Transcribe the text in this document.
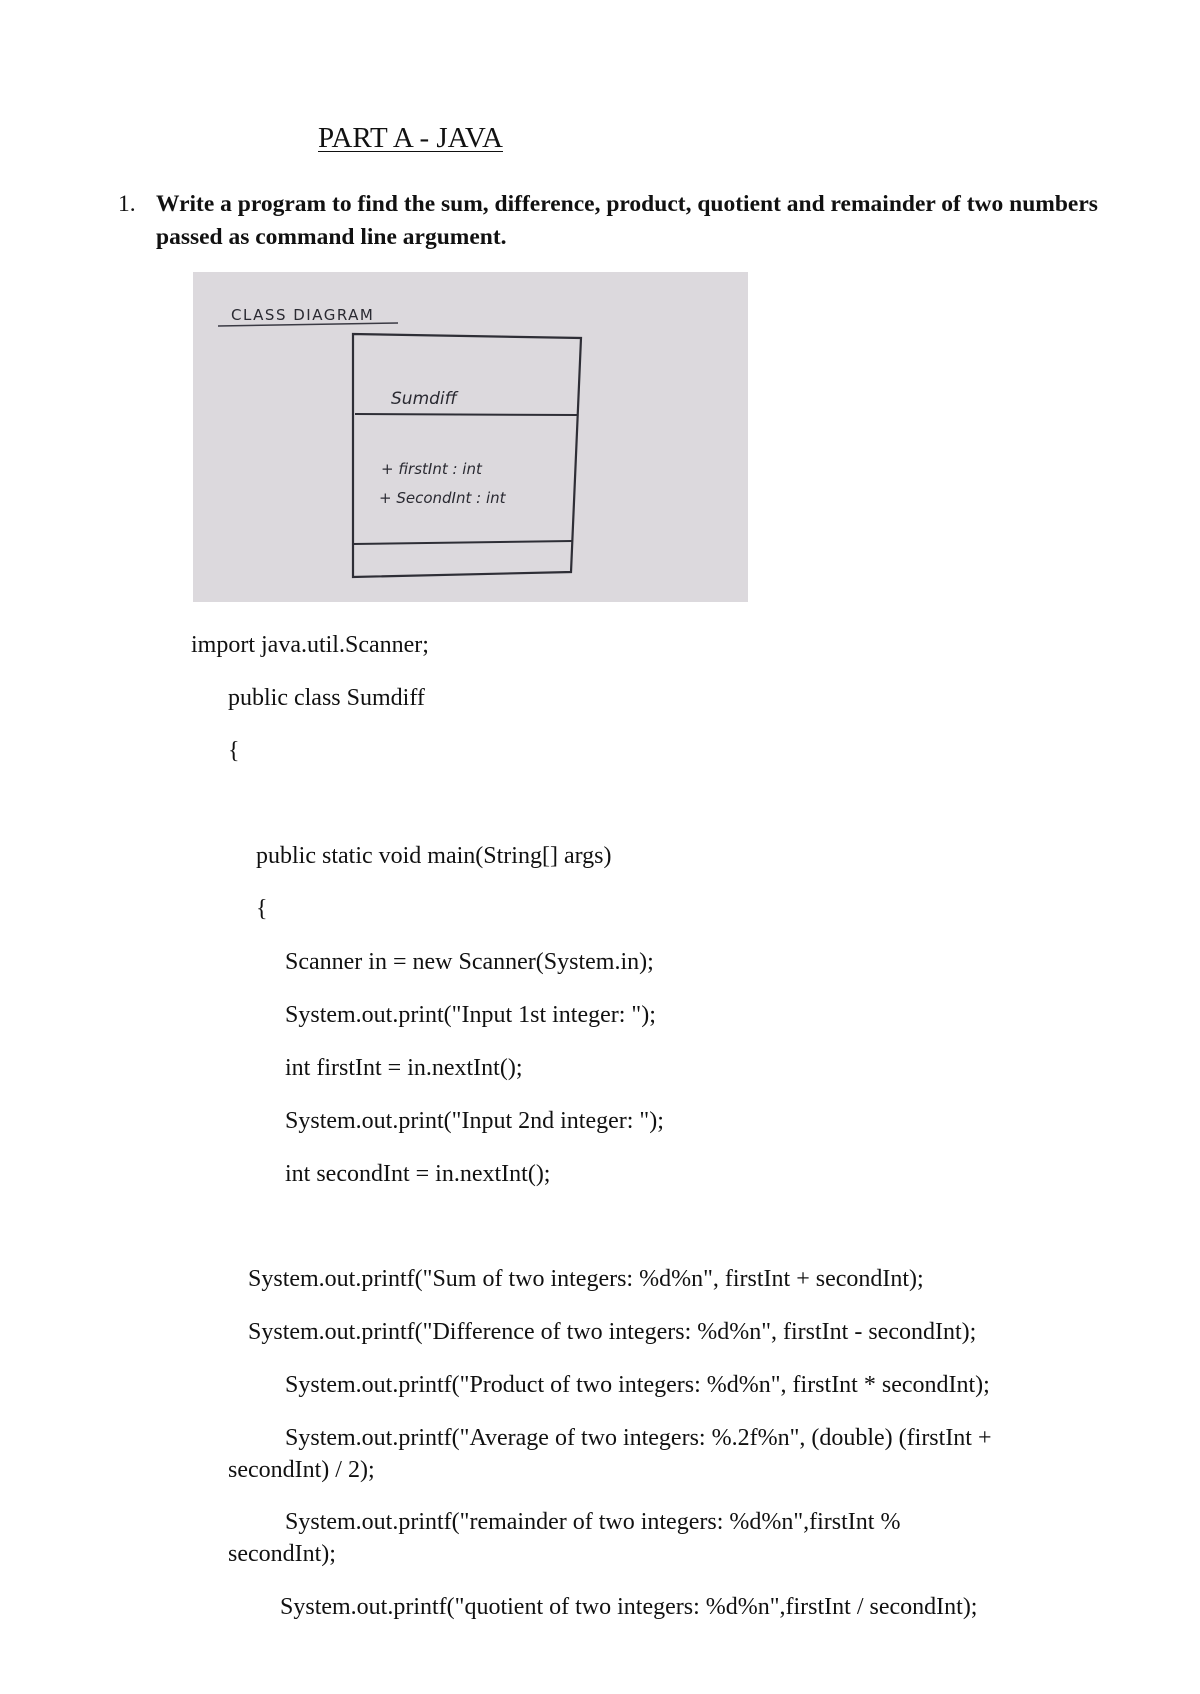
PART A - JAVA
1. Write a program to find the sum, difference, product, quotient and remainder of two numbers passed as command line argument.
CLASS DIAGRAM
Sumdiff
+ firstInt : int
+ SecondInt : int
import java.util.Scanner;
public class Sumdiff
{
public static void main(String[] args)
{
Scanner in = new Scanner(System.in);
System.out.print("Input 1st integer: ");
int firstInt = in.nextInt();
System.out.print("Input 2nd integer: ");
int secondInt = in.nextInt();
System.out.printf("Sum of two integers: %d%n", firstInt + secondInt);
System.out.printf("Difference of two integers: %d%n", firstInt - secondInt);
System.out.printf("Product of two integers: %d%n", firstInt * secondInt);
System.out.printf("Average of two integers: %.2f%n", (double) (firstInt +
secondInt) / 2);
System.out.printf("remainder of two integers: %d%n",firstInt %
secondInt);
System.out.printf("quotient of two integers: %d%n",firstInt / secondInt);
